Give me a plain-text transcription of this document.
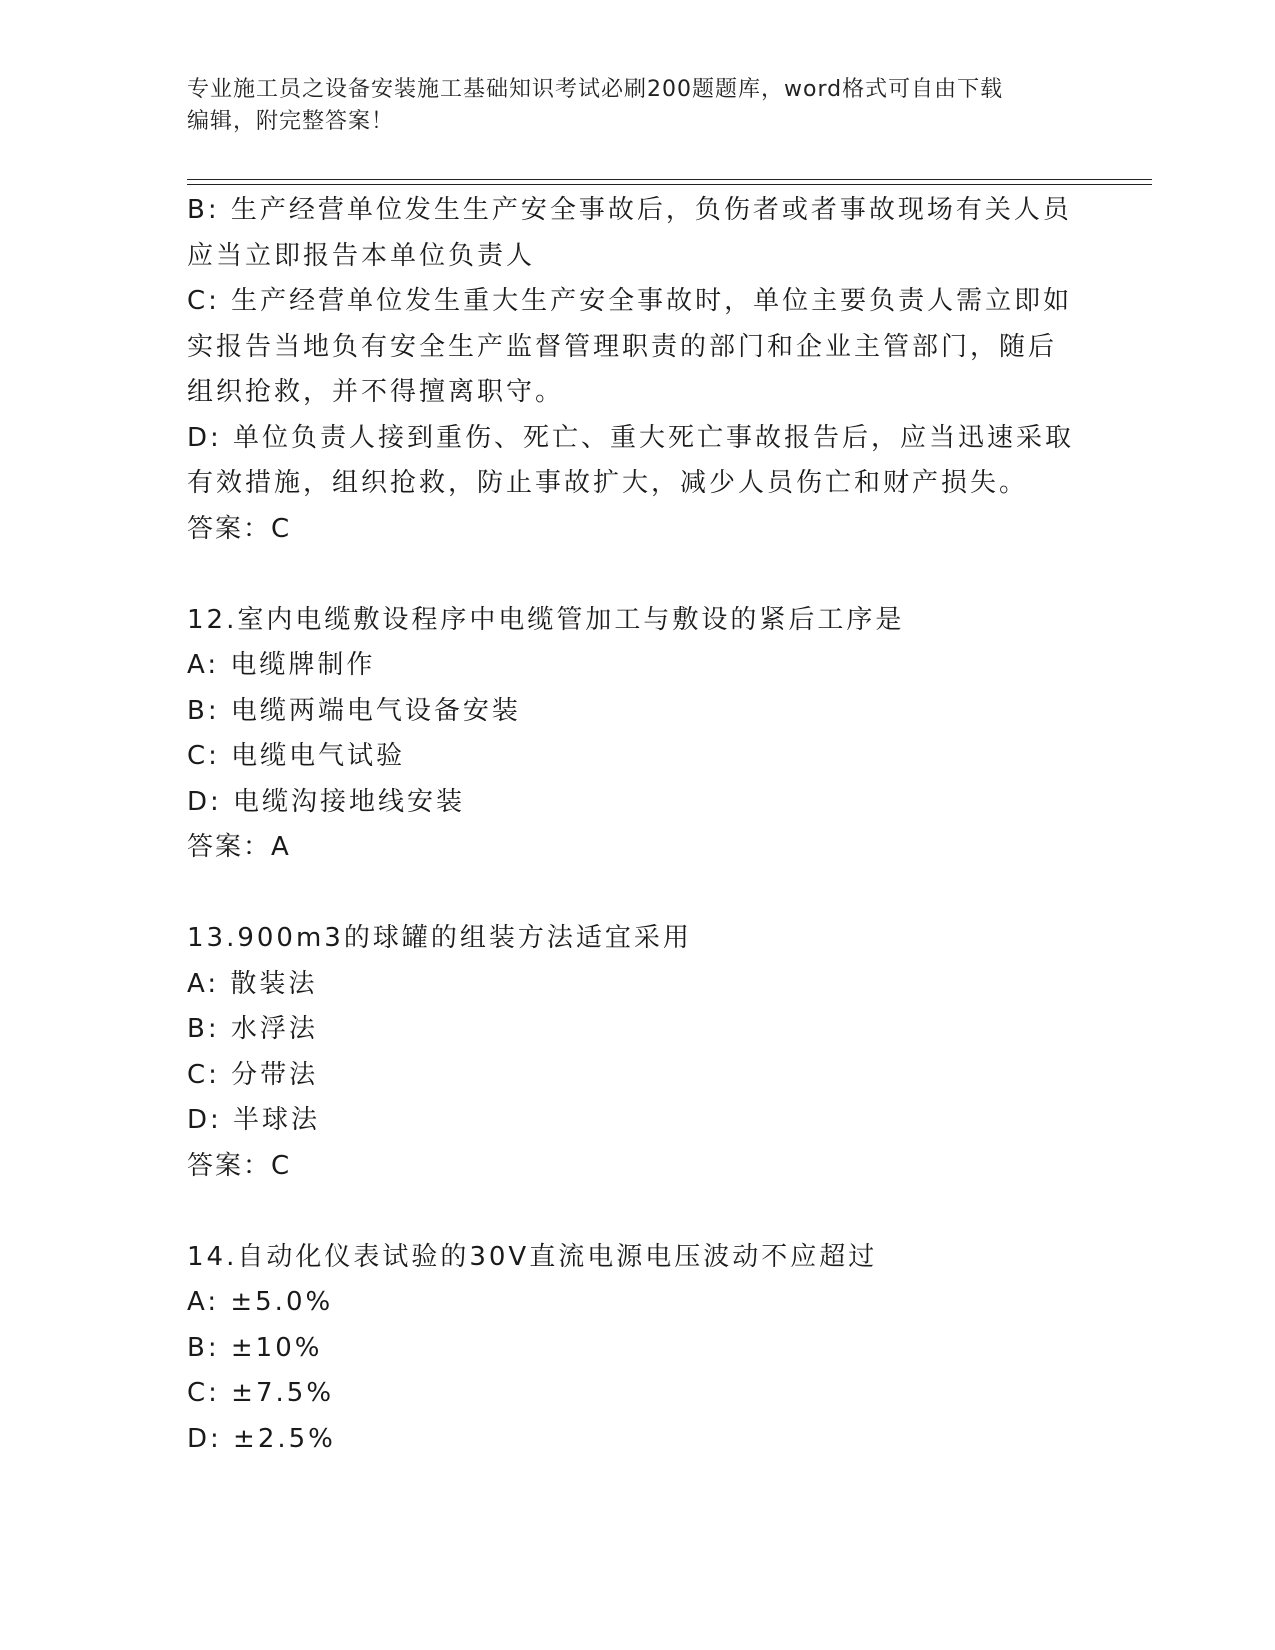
专业施工员之设备安装施工基础知识考试必刷200题题库，word格式可自由下载
编辑，附完整答案！
B: 生产经营单位发生生产安全事故后，负伤者或者事故现场有关人员
应当立即报告本单位负责人
C: 生产经营单位发生重大生产安全事故时，单位主要负责人需立即如
实报告当地负有安全生产监督管理职责的部门和企业主管部门，随后
组织抢救，并不得擅离职守。
D: 单位负责人接到重伤、死亡、重大死亡事故报告后，应当迅速采取
有效措施，组织抢救，防止事故扩大，减少人员伤亡和财产损失。
答案：C
12.室内电缆敷设程序中电缆管加工与敷设的紧后工序是
A: 电缆牌制作
B: 电缆两端电气设备安装
C: 电缆电气试验
D: 电缆沟接地线安装
答案：A
13.900m3的球罐的组装方法适宜采用
A: 散装法
B: 水浮法
C: 分带法
D: 半球法
答案：C
14.自动化仪表试验的30V直流电源电压波动不应超过
A: ±5.0%
B: ±10%
C: ±7.5%
D: ±2.5%
